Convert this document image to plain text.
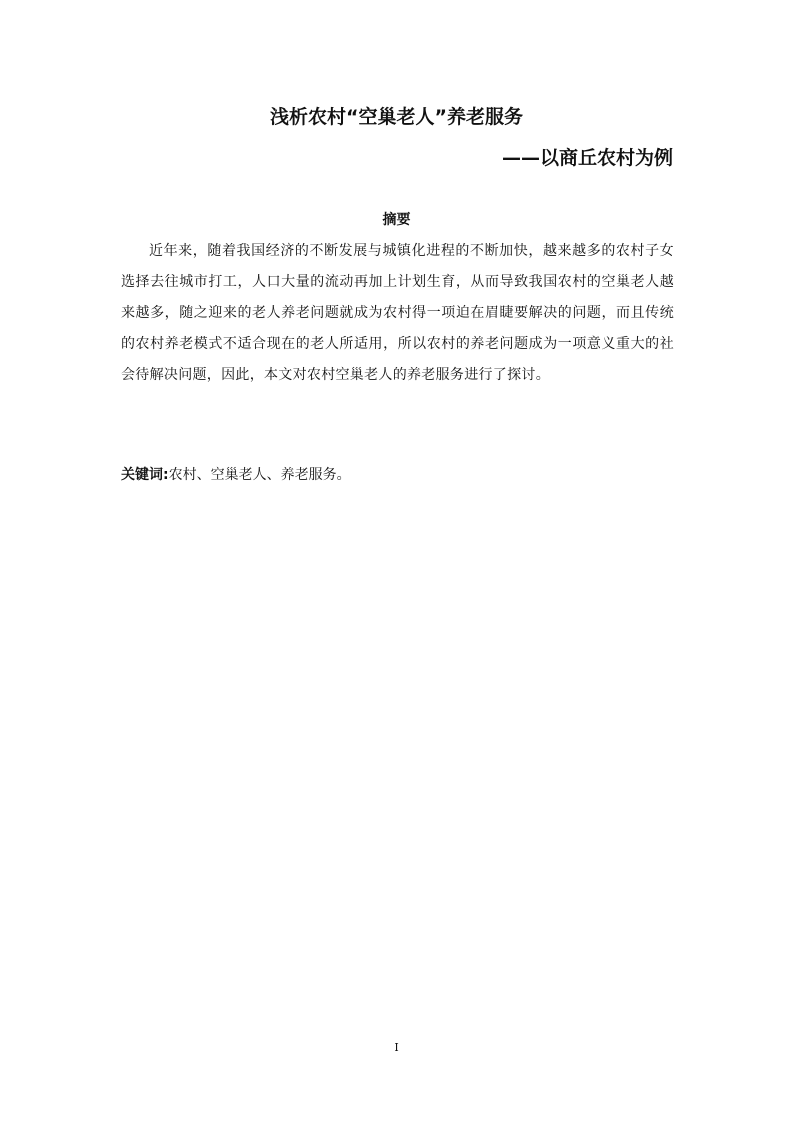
浅析农村“空巢老人”养老服务
——以商丘农村为例
摘要

近年来，随着我国经济的不断发展与城镇化进程的不断加快，越来越多的农村子女选择去往城市打工，人口大量的流动再加上计划生育，从而导致我国农村的空巢老人越来越多，随之迎来的老人养老问题就成为农村得一项迫在眉睫要解决的问题，而且传统的农村养老模式不适合现在的老人所适用，所以农村的养老问题成为一项意义重大的社会待解决问题，因此，本文对农村空巢老人的养老服务进行了探讨。

关键词:农村、空巢老人、养老服务。

I
